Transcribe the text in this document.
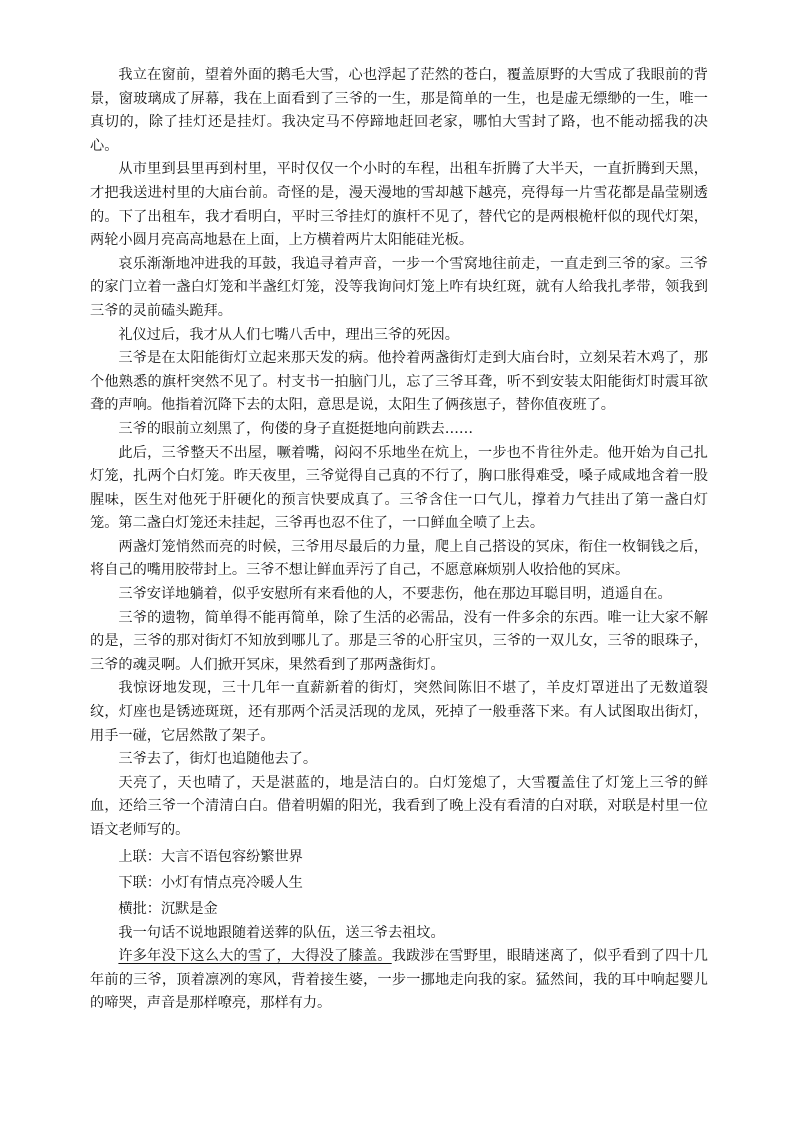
我立在窗前，望着外面的鹅毛大雪，心也浮起了茫然的苍白，覆盖原野的大雪成了我眼前的背景，窗玻璃成了屏幕，我在上面看到了三爷的一生，那是简单的一生，也是虚无缥缈的一生，唯一真切的，除了挂灯还是挂灯。我决定马不停蹄地赶回老家，哪怕大雪封了路，也不能动摇我的决心。

从市里到县里再到村里，平时仅仅一个小时的车程，出租车折腾了大半天，一直折腾到天黑，才把我送进村里的大庙台前。奇怪的是，漫天漫地的雪却越下越亮，亮得每一片雪花都是晶莹剔透的。下了出租车，我才看明白，平时三爷挂灯的旗杆不见了，替代它的是两根桅杆似的现代灯架，两轮小圆月亮高高地悬在上面，上方横着两片太阳能硅光板。

哀乐渐渐地冲进我的耳鼓，我追寻着声音，一步一个雪窝地往前走，一直走到三爷的家。三爷的家门立着一盏白灯笼和半盏红灯笼，没等我询问灯笼上咋有块红斑，就有人给我扎孝带，领我到三爷的灵前磕头跪拜。

礼仪过后，我才从人们七嘴八舌中，理出三爷的死因。

三爷是在太阳能街灯立起来那天发的病。他拎着两盏街灯走到大庙台时，立刻呆若木鸡了，那个他熟悉的旗杆突然不见了。村支书一拍脑门儿，忘了三爷耳聋，听不到安装太阳能街灯时震耳欲聋的声响。他指着沉降下去的太阳，意思是说，太阳生了俩孩崽子，替你值夜班了。

三爷的眼前立刻黑了，佝偻的身子直挺挺地向前跌去……

此后，三爷整天不出屋，噘着嘴，闷闷不乐地坐在炕上，一步也不肯往外走。他开始为自己扎灯笼，扎两个白灯笼。昨天夜里，三爷觉得自己真的不行了，胸口胀得难受，嗓子咸咸地含着一股腥味，医生对他死于肝硬化的预言快要成真了。三爷含住一口气儿，撑着力气挂出了第一盏白灯笼。第二盏白灯笼还未挂起，三爷再也忍不住了，一口鲜血全喷了上去。

两盏灯笼悄然而亮的时候，三爷用尽最后的力量，爬上自己搭设的冥床，衔住一枚铜钱之后，将自己的嘴用胶带封上。三爷不想让鲜血弄污了自己，不愿意麻烦别人收拾他的冥床。

三爷安详地躺着，似乎安慰所有来看他的人，不要悲伤，他在那边耳聪目明，逍遥自在。

三爷的遗物，简单得不能再简单，除了生活的必需品，没有一件多余的东西。唯一让大家不解的是，三爷的那对街灯不知放到哪儿了。那是三爷的心肝宝贝，三爷的一双儿女，三爷的眼珠子，三爷的魂灵啊。人们掀开冥床，果然看到了那两盏街灯。

我惊讶地发现，三十几年一直薪新着的街灯，突然间陈旧不堪了，羊皮灯罩迸出了无数道裂纹，灯座也是锈迹斑斑，还有那两个活灵活现的龙凤，死掉了一般垂落下来。有人试图取出街灯，用手一碰，它居然散了架子。

三爷去了，街灯也追随他去了。

天亮了，天也晴了，天是湛蓝的，地是洁白的。白灯笼熄了，大雪覆盖住了灯笼上三爷的鲜血，还给三爷一个清清白白。借着明媚的阳光，我看到了晚上没有看清的白对联，对联是村里一位语文老师写的。

上联：大言不语包容纷繁世界

下联：小灯有情点亮冷暖人生

横批：沉默是金

我一句话不说地跟随着送葬的队伍，送三爷去祖坟。

许多年没下这么大的雪了，大得没了膝盖。我跋涉在雪野里，眼睛迷离了，似乎看到了四十几年前的三爷，顶着凛冽的寒风，背着接生婆，一步一挪地走向我的家。猛然间，我的耳中响起婴儿的啼哭，声音是那样嘹亮，那样有力。
